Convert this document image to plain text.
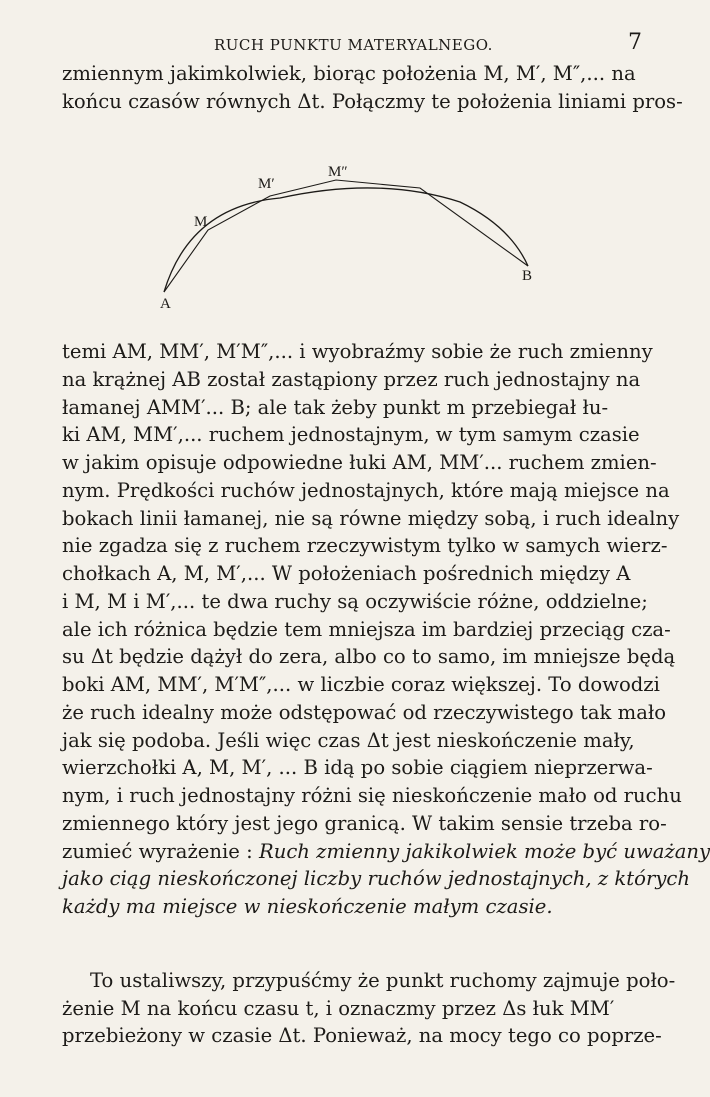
RUCH PUNKTU MATERYALNEGO.	7

zmiennym jakimkolwiek, biorąc położenia M, M′, M″,... na
końcu czasów równych Δt. Połączmy te położenia liniami pros-
A
M
M′
M″
B
temi AM, MM′, M′M″,... i wyobraźmy sobie że ruch zmienny
na krążnej AB został zastąpiony przez ruch jednostajny na
łamanej AMM′... B; ale tak żeby punkt m przebiegał łu-
ki AM, MM′,... ruchem jednostajnym, w tym samym czasie
w jakim opisuje odpowiedne łuki AM, MM′... ruchem zmien-
nym. Prędkości ruchów jednostajnych, które mają miejsce na
bokach linii łamanej, nie są równe między sobą, i ruch idealny
nie zgadza się z ruchem rzeczywistym tylko w samych wierz-
chołkach A, M, M′,... W położeniach pośrednich między A
i M, M i M′,... te dwa ruchy są oczywiście różne, oddzielne;
ale ich różnica będzie tem mniejsza im bardziej przeciąg cza-
su Δt będzie dążył do zera, albo co to samo, im mniejsze będą
boki AM, MM′, M′M″,... w liczbie coraz większej. To dowodzi
że ruch idealny może odstępować od rzeczywistego tak mało
jak się podoba. Jeśli więc czas Δt jest nieskończenie mały,
wierzchołki A, M, M′, ... B idą po sobie ciągiem nieprzerwa-
nym, i ruch jednostajny różni się nieskończenie mało od ruchu
zmiennego który jest jego granicą. W takim sensie trzeba ro-
zumieć wyrażenie : Ruch zmienny jakikolwiek może być uważany
jako ciąg nieskończonej liczby ruchów jednostajnych, z których
każdy ma miejsce w nieskończenie małym czasie.
To ustaliwszy, przypuśćmy że punkt ruchomy zajmuje poło-
żenie M na końcu czasu t, i oznaczmy przez Δs łuk MM′
przebieżony w czasie Δt. Ponieważ, na mocy tego co poprze-
